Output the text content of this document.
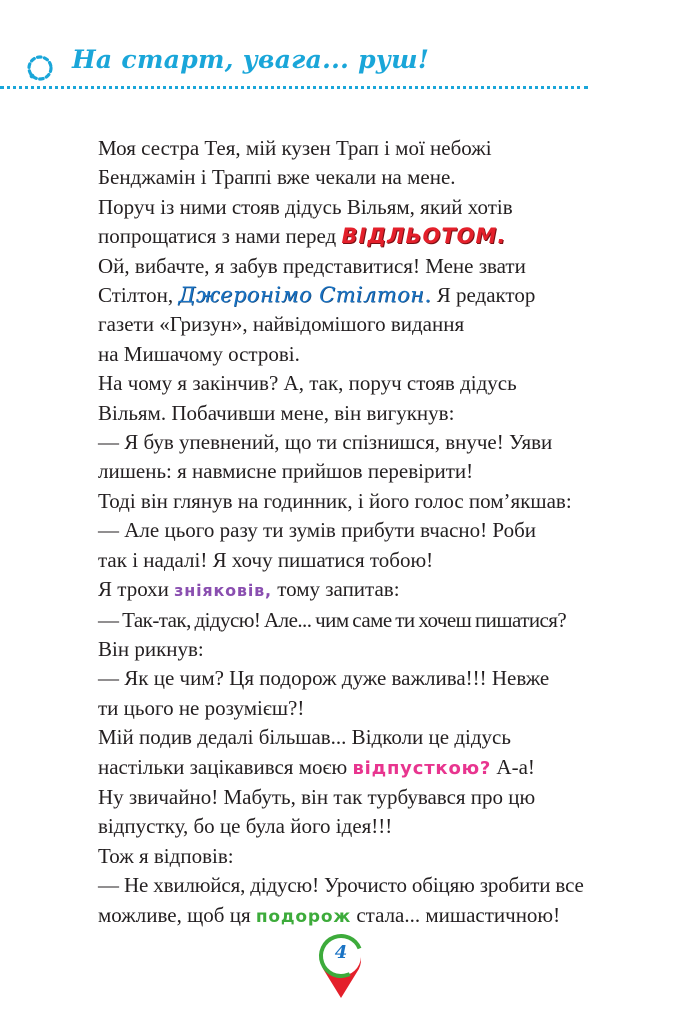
На старт, увага... руш!
Моя сестра Тея, мій кузен Трап і мої небожі
Бенджамін і Траппі вже чекали на мене.
Поруч із ними стояв дідусь Вільям, який хотів
попрощатися з нами перед ВІДЛЬОТОМ.
Ой, вибачте, я забув представитися! Мене звати
Стілтон, Джеронімо Стілтон. Я редактор
газети «Гризун», найвідомішого видання
на Мишачому острові.
На чому я закінчив? А, так, поруч стояв дідусь
Вільям. Побачивши мене, він вигукнув:
— Я був упевнений, що ти спізнишся, внуче! Уяви
лишень: я навмисне прийшов перевірити!
Тоді він глянув на годинник, і його голос пом’якшав:
— Але цього разу ти зумів прибути вчасно! Роби
так і надалі! Я хочу пишатися тобою!
Я трохи зніяковів, тому запитав:
— Так-так, дідусю! Але... чим саме ти хочеш пишатися?
Він рикнув:
— Як це чим? Ця подорож дуже важлива!!! Невже
ти цього не розумієш?!
Мій подив дедалі більшав... Відколи це дідусь
настільки зацікавився моєю відпусткою? А-а!
Ну звичайно! Мабуть, він так турбувався про цю
відпустку, бо це була його ідея!!!
Тож я відповів:
— Не хвилюйся, дідусю! Урочисто обіцяю зробити все
можливе, щоб ця подорож стала... мишастичною!
4
